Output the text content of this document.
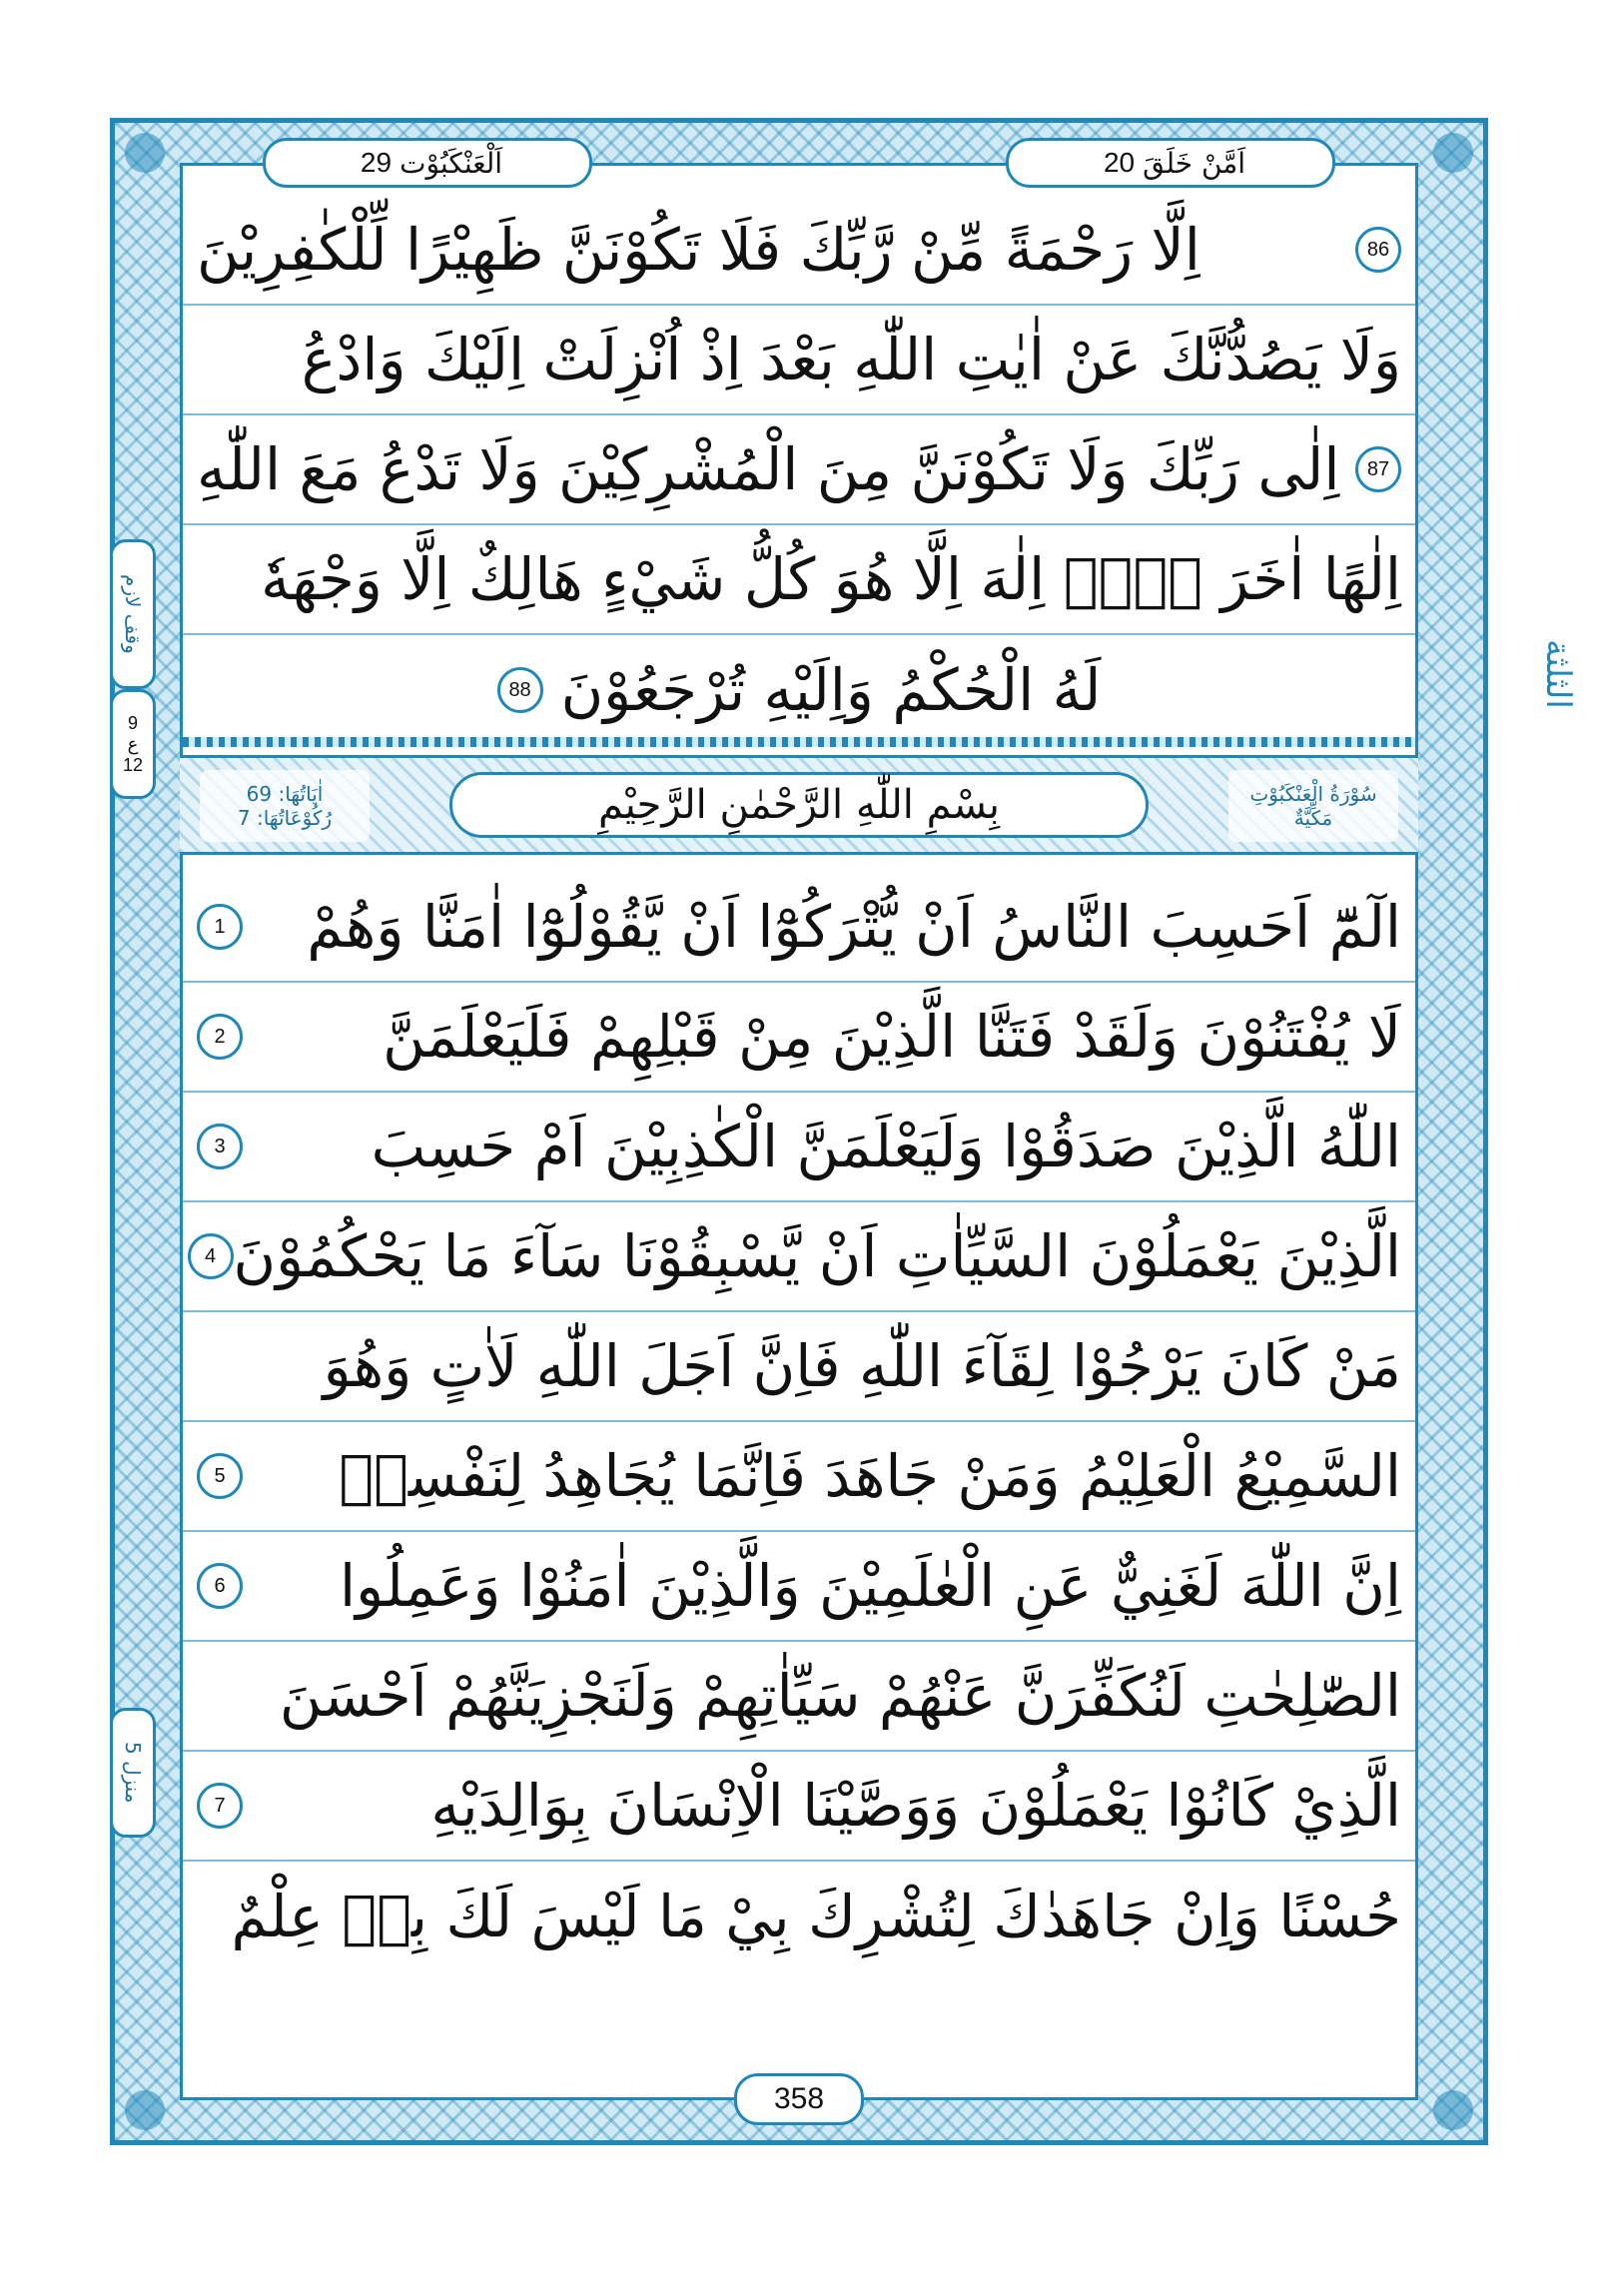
اَلْعَنْكَبُوْت
29	اَمَّنْ خَلَقَ
20
86
اِلَّا رَحْمَةً مِّنْ رَّبِّكَ فَلَا تَكُوْنَنَّ ظَهِيْرًا لِّلْكٰفِرِيْنَ
وَلَا يَصُدُّنَّكَ عَنْ اٰيٰتِ اللّٰهِ بَعْدَ اِذْ اُنْزِلَتْ اِلَيْكَ وَادْعُ
87
اِلٰى رَبِّكَ وَلَا تَكُوْنَنَّ مِنَ الْمُشْرِكِيْنَ وَلَا تَدْعُ مَعَ اللّٰهِ
اِلٰهًا اٰخَرَ لَاۤ اِلٰهَ اِلَّا هُوَ كُلُّ شَيْءٍ هَالِكٌ اِلَّا وَجْهَهٗ
لَهُ الْحُكْمُ وَاِلَيْهِ تُرْجَعُوْنَ
88
اٰيَاتُهَا: 69
رُكُوْعَاتُهَا: 7	بِسْمِ اللّٰهِ الرَّحْمٰنِ الرَّحِيْمِ	سُوْرَةُ الْعَنْكَبُوْتِ
مَكِّيَّةٌ
الٓمّٓ اَحَسِبَ النَّاسُ اَنْ يُّتْرَكُوْٓا اَنْ يَّقُوْلُوْٓا اٰمَنَّا وَهُمْ
1
لَا يُفْتَنُوْنَ وَلَقَدْ فَتَنَّا الَّذِيْنَ مِنْ قَبْلِهِمْ فَلَيَعْلَمَنَّ
2
اللّٰهُ الَّذِيْنَ صَدَقُوْا وَلَيَعْلَمَنَّ الْكٰذِبِيْنَ اَمْ حَسِبَ
3
الَّذِيْنَ يَعْمَلُوْنَ السَّيِّاٰتِ اَنْ يَّسْبِقُوْنَا سَآءَ مَا يَحْكُمُوْنَ
4
مَنْ كَانَ يَرْجُوْا لِقَآءَ اللّٰهِ فَاِنَّ اَجَلَ اللّٰهِ لَاٰتٍ وَهُوَ
السَّمِيْعُ الْعَلِيْمُ وَمَنْ جَاهَدَ فَاِنَّمَا يُجَاهِدُ لِنَفْسِهٖ
5
اِنَّ اللّٰهَ لَغَنِيٌّ عَنِ الْعٰلَمِيْنَ وَالَّذِيْنَ اٰمَنُوْا وَعَمِلُوا
6
الصّٰلِحٰتِ لَنُكَفِّرَنَّ عَنْهُمْ سَيِّاٰتِهِمْ وَلَنَجْزِيَنَّهُمْ اَحْسَنَ
الَّذِيْ كَانُوْا يَعْمَلُوْنَ وَوَصَّيْنَا الْاِنْسَانَ بِوَالِدَيْهِ
7
حُسْنًا وَاِنْ جَاهَدٰكَ لِتُشْرِكَ بِيْ مَا لَيْسَ لَكَ بِهٖ عِلْمٌ
358
وقف لازم
9
ع
12
الثلثة
منزل 5
